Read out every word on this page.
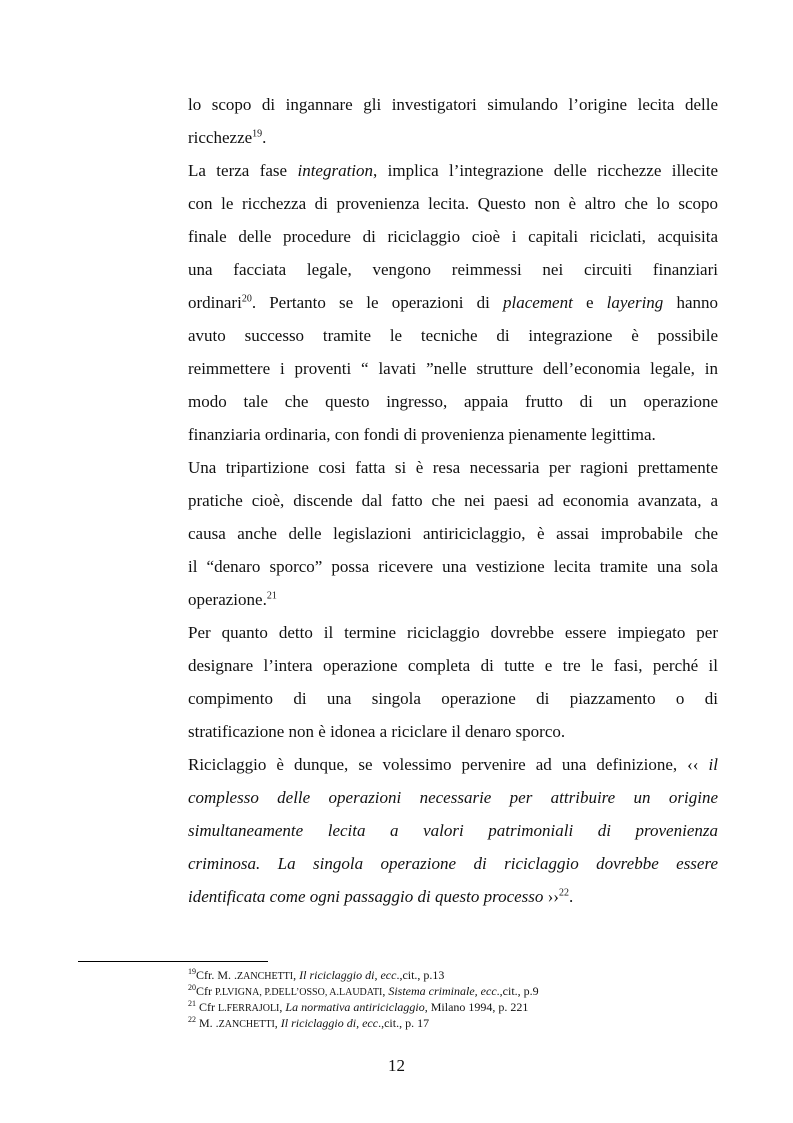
lo scopo di ingannare gli investigatori simulando l’origine lecita delle
ricchezze$^{19}$.
La terza fase integration, implica l’integrazione delle ricchezze illecite
con le ricchezza di provenienza lecita. Questo non è altro che lo scopo
finale delle procedure di riciclaggio cioè i capitali riciclati, acquisita
una facciata legale, vengono reimmessi nei circuiti finanziari
ordinari$^{20}$. Pertanto se le operazioni di placement e layering hanno
avuto successo tramite le tecniche di integrazione è possibile
reimmettere i proventi “ lavati ”nelle strutture dell’economia legale, in
modo tale che questo ingresso, appaia frutto di un operazione
finanziaria ordinaria, con fondi di provenienza pienamente legittima.
Una tripartizione cosi fatta si è resa necessaria per ragioni prettamente
pratiche cioè, discende dal fatto che nei paesi ad economia avanzata, a
causa anche delle legislazioni antiriciclaggio, è assai improbabile che
il “denaro sporco” possa ricevere una vestizione lecita tramite una sola
operazione.$^{21}$
Per quanto detto il termine riciclaggio dovrebbe essere impiegato per
designare l’intera operazione completa di tutte e tre le fasi, perché il
compimento di una singola operazione di piazzamento o di
stratificazione non è idonea a riciclare il denaro sporco.
Riciclaggio è dunque, se volessimo pervenire ad una definizione, ‹‹ il
complesso delle operazioni necessarie per attribuire un origine
simultaneamente lecita a valori patrimoniali di provenienza
criminosa. La singola operazione di riciclaggio dovrebbe essere
identificata come ogni passaggio di questo processo ››$^{22}$.
$^{19}$Cfr. M. .ZANCHETTI, Il riciclaggio di, ecc.,cit., p.13
$^{20}$Cfr P.LVIGNA, P.DELL’OSSO, A.LAUDATI, Sistema criminale, ecc.,cit., p.9
$^{21}$ Cfr L.FERRAJOLI, La normativa antiriciclaggio, Milano 1994, p. 221
$^{22}$ M. .ZANCHETTI, Il riciclaggio di, ecc.,cit., p. 17
12
